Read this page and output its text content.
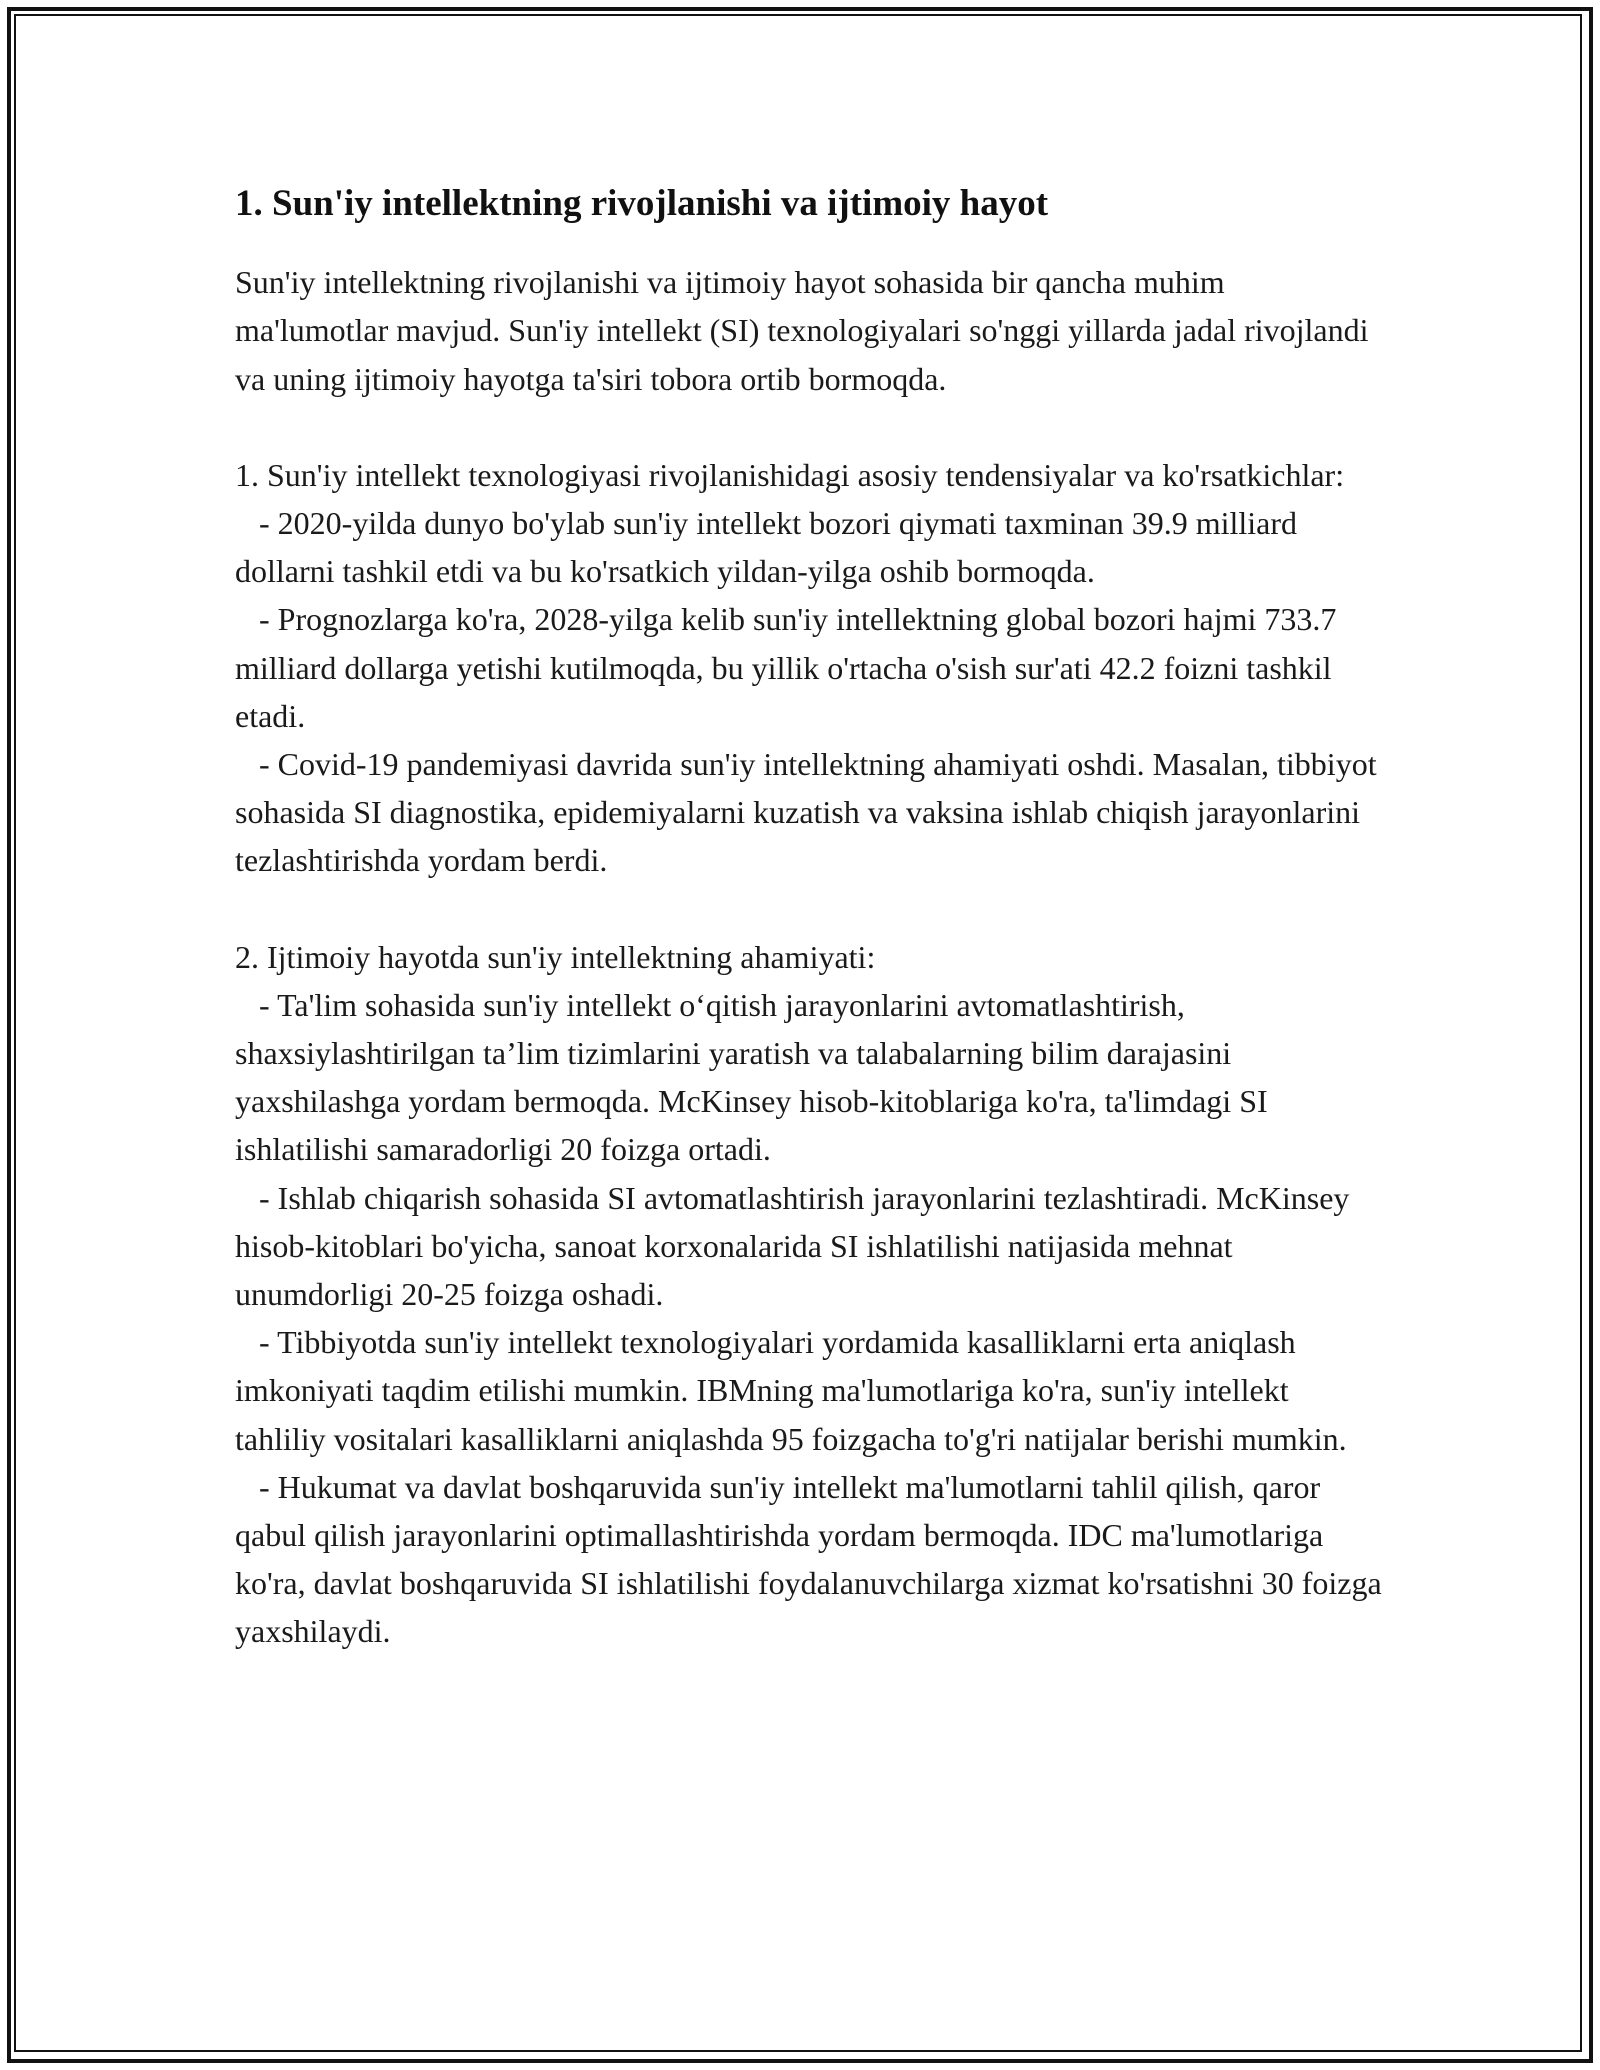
1. Sun'iy intellektning rivojlanishi va ijtimoiy hayot

Sun'iy intellektning rivojlanishi va ijtimoiy hayot sohasida bir qancha muhim ma'lumotlar mavjud. Sun'iy intellekt (SI) texnologiyalari so'nggi yillarda jadal rivojlandi va uning ijtimoiy hayotga ta'siri tobora ortib bormoqda.

1. Sun'iy intellekt texnologiyasi rivojlanishidagi asosiy tendensiyalar va ko'rsatkichlar:

- 2020-yilda dunyo bo'ylab sun'iy intellekt bozori qiymati taxminan 39.9 milliard dollarni tashkil etdi va bu ko'rsatkich yildan-yilga oshib bormoqda.

- Prognozlarga ko'ra, 2028-yilga kelib sun'iy intellektning global bozori hajmi 733.7 milliard dollarga yetishi kutilmoqda, bu yillik o'rtacha o'sish sur'ati 42.2 foizni tashkil etadi.

- Covid-19 pandemiyasi davrida sun'iy intellektning ahamiyati oshdi. Masalan, tibbiyot sohasida SI diagnostika, epidemiyalarni kuzatish va vaksina ishlab chiqish jarayonlarini tezlashtirishda yordam berdi.

2. Ijtimoiy hayotda sun'iy intellektning ahamiyati:

- Ta'lim sohasida sun'iy intellekt o‘qitish jarayonlarini avtomatlashtirish, shaxsiylashtirilgan ta’lim tizimlarini yaratish va talabalarning bilim darajasini yaxshilashga yordam bermoqda. McKinsey hisob-kitoblariga ko'ra, ta'limdagi SI ishlatilishi samaradorligi 20 foizga ortadi.

- Ishlab chiqarish sohasida SI avtomatlashtirish jarayonlarini tezlashtiradi. McKinsey hisob-kitoblari bo'yicha, sanoat korxonalarida SI ishlatilishi natijasida mehnat unumdorligi 20-25 foizga oshadi.

- Tibbiyotda sun'iy intellekt texnologiyalari yordamida kasalliklarni erta aniqlash imkoniyati taqdim etilishi mumkin. IBMning ma'lumotlariga ko'ra, sun'iy intellekt tahliliy vositalari kasalliklarni aniqlashda 95 foizgacha to'g'ri natijalar berishi mumkin.

- Hukumat va davlat boshqaruvida sun'iy intellekt ma'lumotlarni tahlil qilish, qaror qabul qilish jarayonlarini optimallashtirishda yordam bermoqda. IDC ma'lumotlariga ko'ra, davlat boshqaruvida SI ishlatilishi foydalanuvchilarga xizmat ko'rsatishni 30 foizga yaxshilaydi.
